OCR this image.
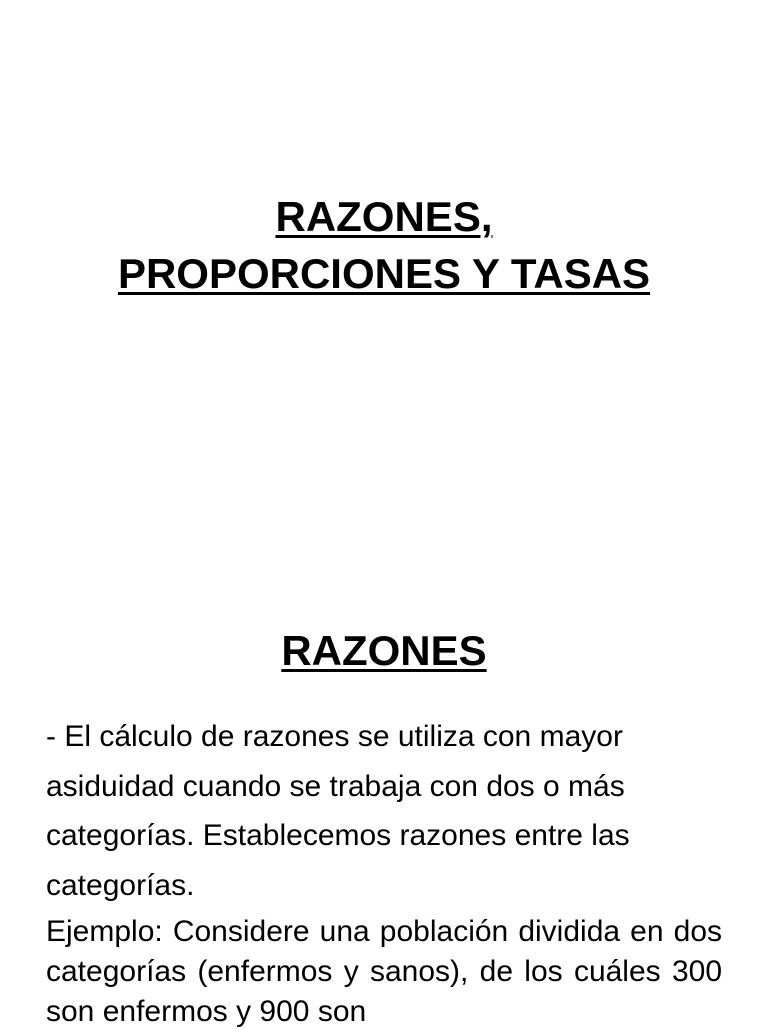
RAZONES,
PROPORCIONES Y TASAS
RAZONES

- El cálculo de razones se utiliza con mayor asiduidad cuando se trabaja con dos o más categorías. Establecemos razones entre las categorías.

Ejemplo: Considere una población dividida en dos categorías (enfermos y sanos), de los cuáles 300 son enfermos y 900 son
